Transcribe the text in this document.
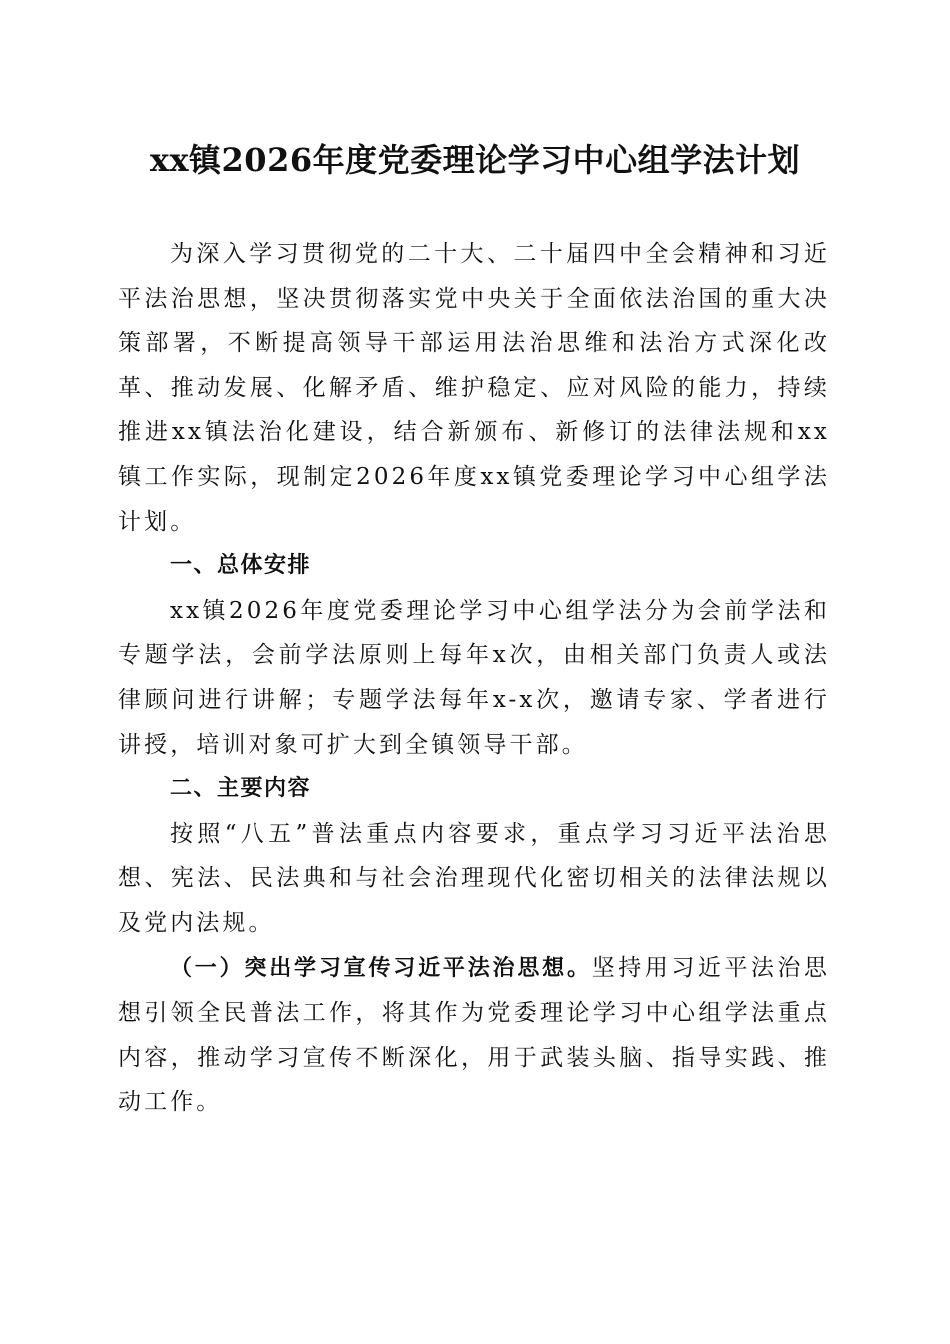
xx镇2026年度党委理论学习中心组学法计划

为深入学习贯彻党的二十大、二十届四中全会精神和习近平法治思想，坚决贯彻落实党中央关于全面依法治国的重大决策部署，不断提高领导干部运用法治思维和法治方式深化改革、推动发展、化解矛盾、维护稳定、应对风险的能力，持续推进xx镇法治化建设，结合新颁布、新修订的法律法规和xx镇工作实际，现制定2026年度xx镇党委理论学习中心组学法计划。

一、总体安排

xx镇2026年度党委理论学习中心组学法分为会前学法和专题学法，会前学法原则上每年x次，由相关部门负责人或法律顾问进行讲解；专题学法每年x-x次，邀请专家、学者进行讲授，培训对象可扩大到全镇领导干部。

二、主要内容

按照“八五”普法重点内容要求，重点学习习近平法治思想、宪法、民法典和与社会治理现代化密切相关的法律法规以及党内法规。

（一）突出学习宣传习近平法治思想。坚持用习近平法治思想引领全民普法工作，将其作为党委理论学习中心组学法重点内容，推动学习宣传不断深化，用于武装头脑、指导实践、推动工作。
